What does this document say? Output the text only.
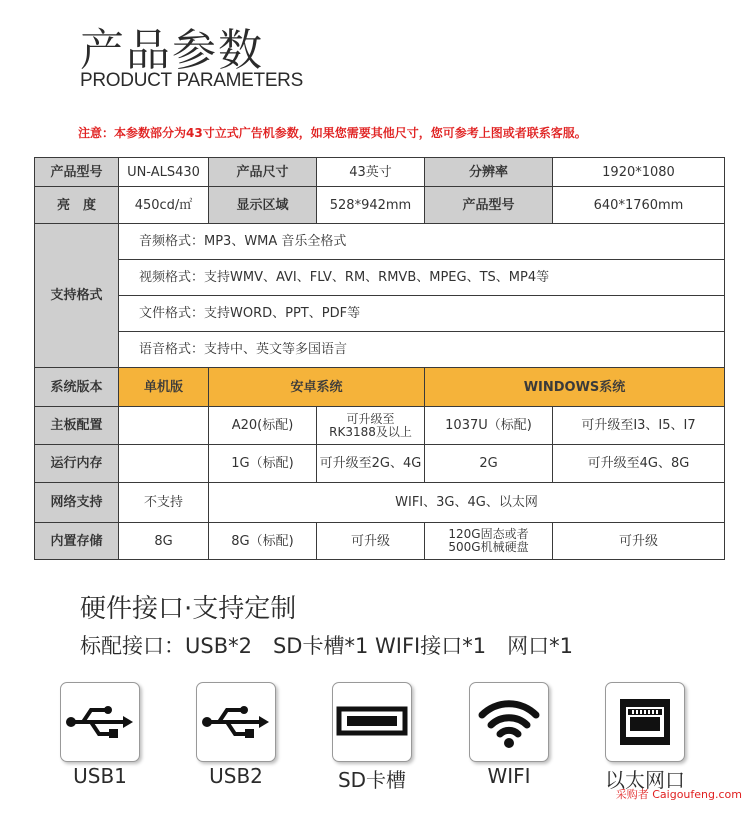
产品参数
PRODUCT PARAMETERS
注意：本参数部分为43寸立式广告机参数，如果您需要其他尺寸，您可参考上图或者联系客服。
产品型号	UN-ALS430	产品尺寸	43英寸	分辨率	1920*1080
亮　度	450cd/㎡	显示区域	528*942mm	产品型号	640*1760mm
支持格式	音频格式：MP3、WMA 音乐全格式				
	视频格式：支持WMV、AVI、FLV、RM、RMVB、MPEG、TS、MP4等				
	文件格式：支持WORD、PPT、PDF等				
	语音格式：支持中、英文等多国语言				
系统版本	单机版	安卓系统		WINDOWS系统	
主板配置		A20(标配)	可升级至
RK3188及以上	1037U（标配)	可升级至I3、I5、I7
运行内存		1G（标配)	可升级至2G、4G	2G	可升级至4G、8G
网络支持	不支持	WIFI、3G、4G、以太网			
内置存储	8G	8G（标配)	可升级	120G固态或者
500G机械硬盘	可升级
硬件接口·支持定制
标配接口：USB*2　SD卡槽*1 WIFI接口*1　网口*1
USB1	USB2	SD卡槽	WIFI	以太网口
采购者 Caigoufeng.com
